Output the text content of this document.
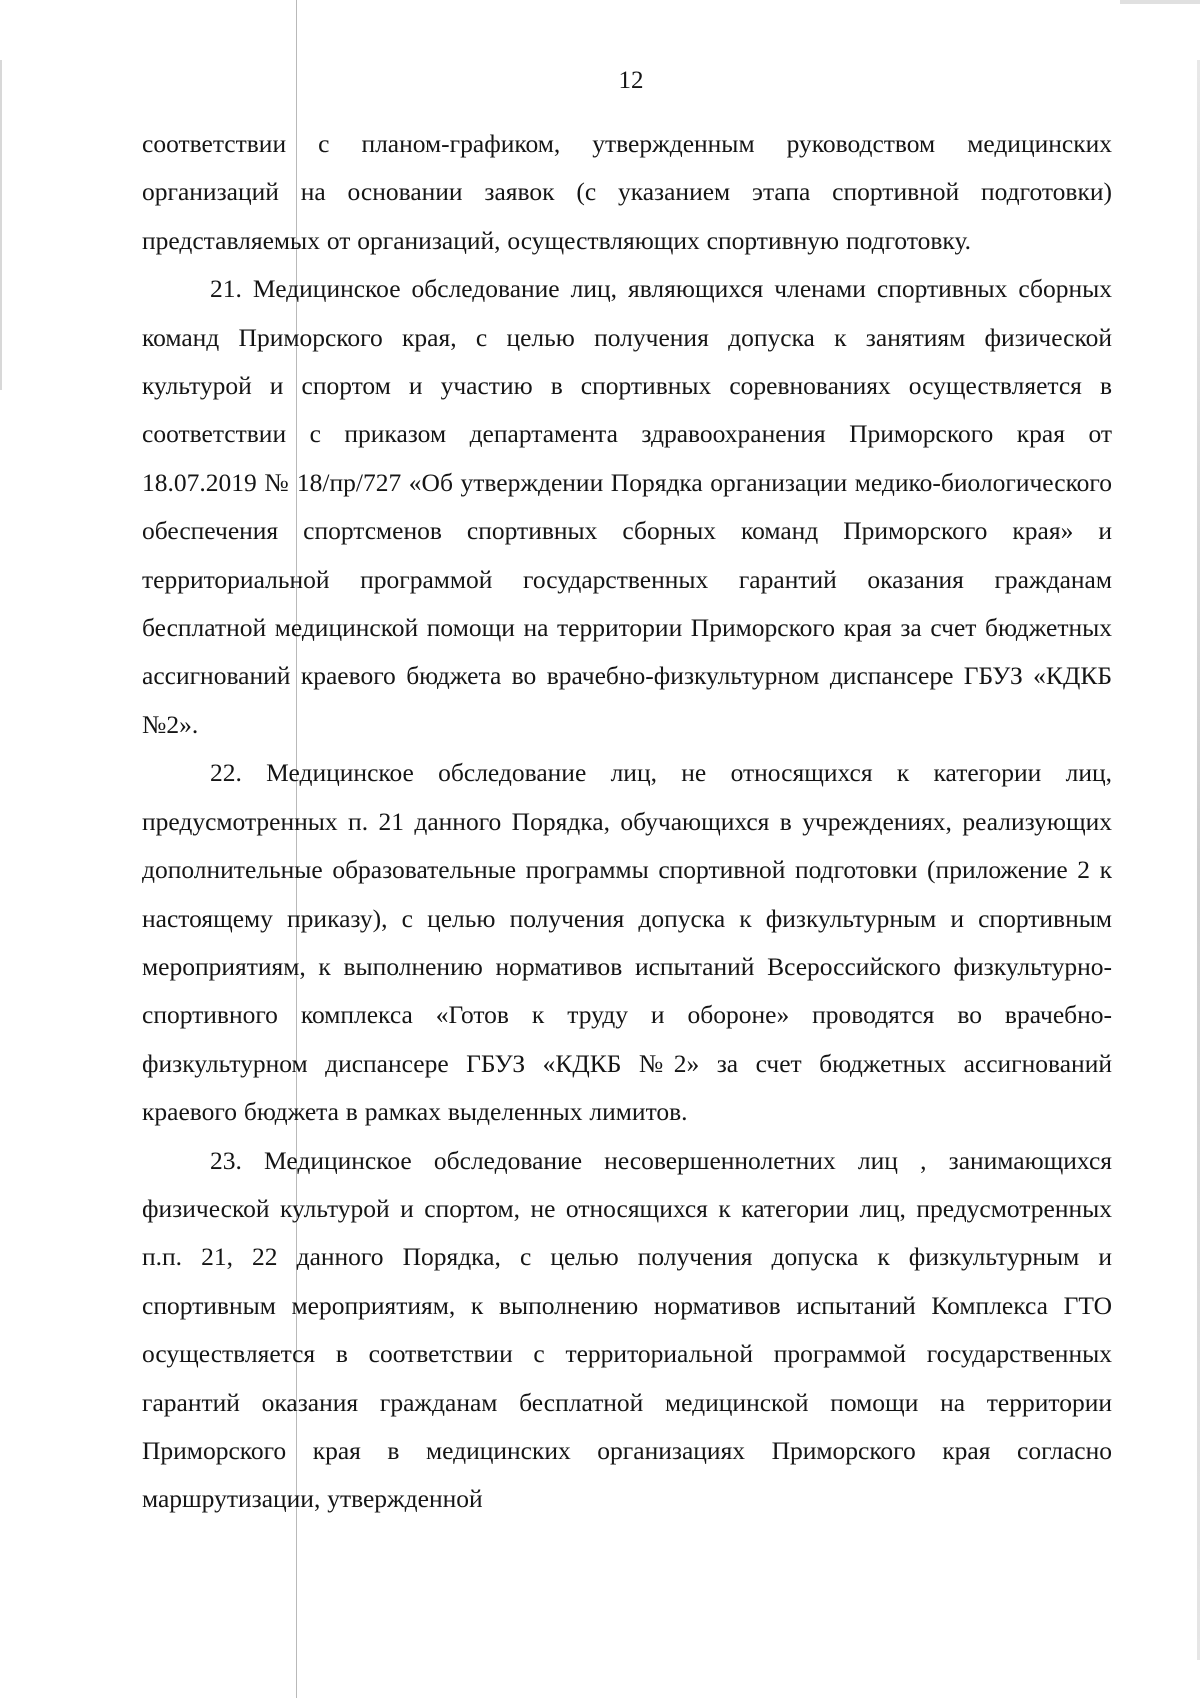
12

соответствии с планом-графиком, утвержденным руководством медицинских организаций на основании заявок (с указанием этапа спортивной подготовки) представляемых от организаций, осуществляющих спортивную подготовку.

21. Медицинское обследование лиц, являющихся членами спортивных сборных команд Приморского края, с целью получения допуска к занятиям физической культурой и спортом и участию в спортивных соревнованиях осуществляется в соответствии с приказом департамента здравоохранения Приморского края от 18.07.2019 № 18/пр/727 «Об утверждении Порядка организации медико-биологического обеспечения спортсменов спортивных сборных команд Приморского края» и территориальной программой государственных гарантий оказания гражданам бесплатной медицинской помощи на территории Приморского края за счет бюджетных ассигнований краевого бюджета во врачебно-физкультурном диспансере ГБУЗ «КДКБ №2».

22. Медицинское обследование лиц, не относящихся к категории лиц, предусмотренных п. 21 данного Порядка, обучающихся в учреждениях, реализующих дополнительные образовательные программы спортивной подготовки (приложение 2 к настоящему приказу), с целью получения допуска к физкультурным и спортивным мероприятиям, к выполнению нормативов испытаний Всероссийского физкультурно-спортивного комплекса «Готов к труду и обороне» проводятся во врачебно-физкультурном диспансере ГБУЗ «КДКБ №2» за счет бюджетных ассигнований краевого бюджета в рамках выделенных лимитов.

23. Медицинское обследование несовершеннолетних лиц , занимающихся физической культурой и спортом, не относящихся к категории лиц, предусмотренных п.п. 21, 22 данного Порядка, с целью получения допуска к физкультурным и спортивным мероприятиям, к выполнению нормативов испытаний Комплекса ГТО осуществляется в соответствии с территориальной программой государственных гарантий оказания гражданам бесплатной медицинской помощи на территории Приморского края в медицинских организациях Приморского края согласно маршрутизации, утвержденной
